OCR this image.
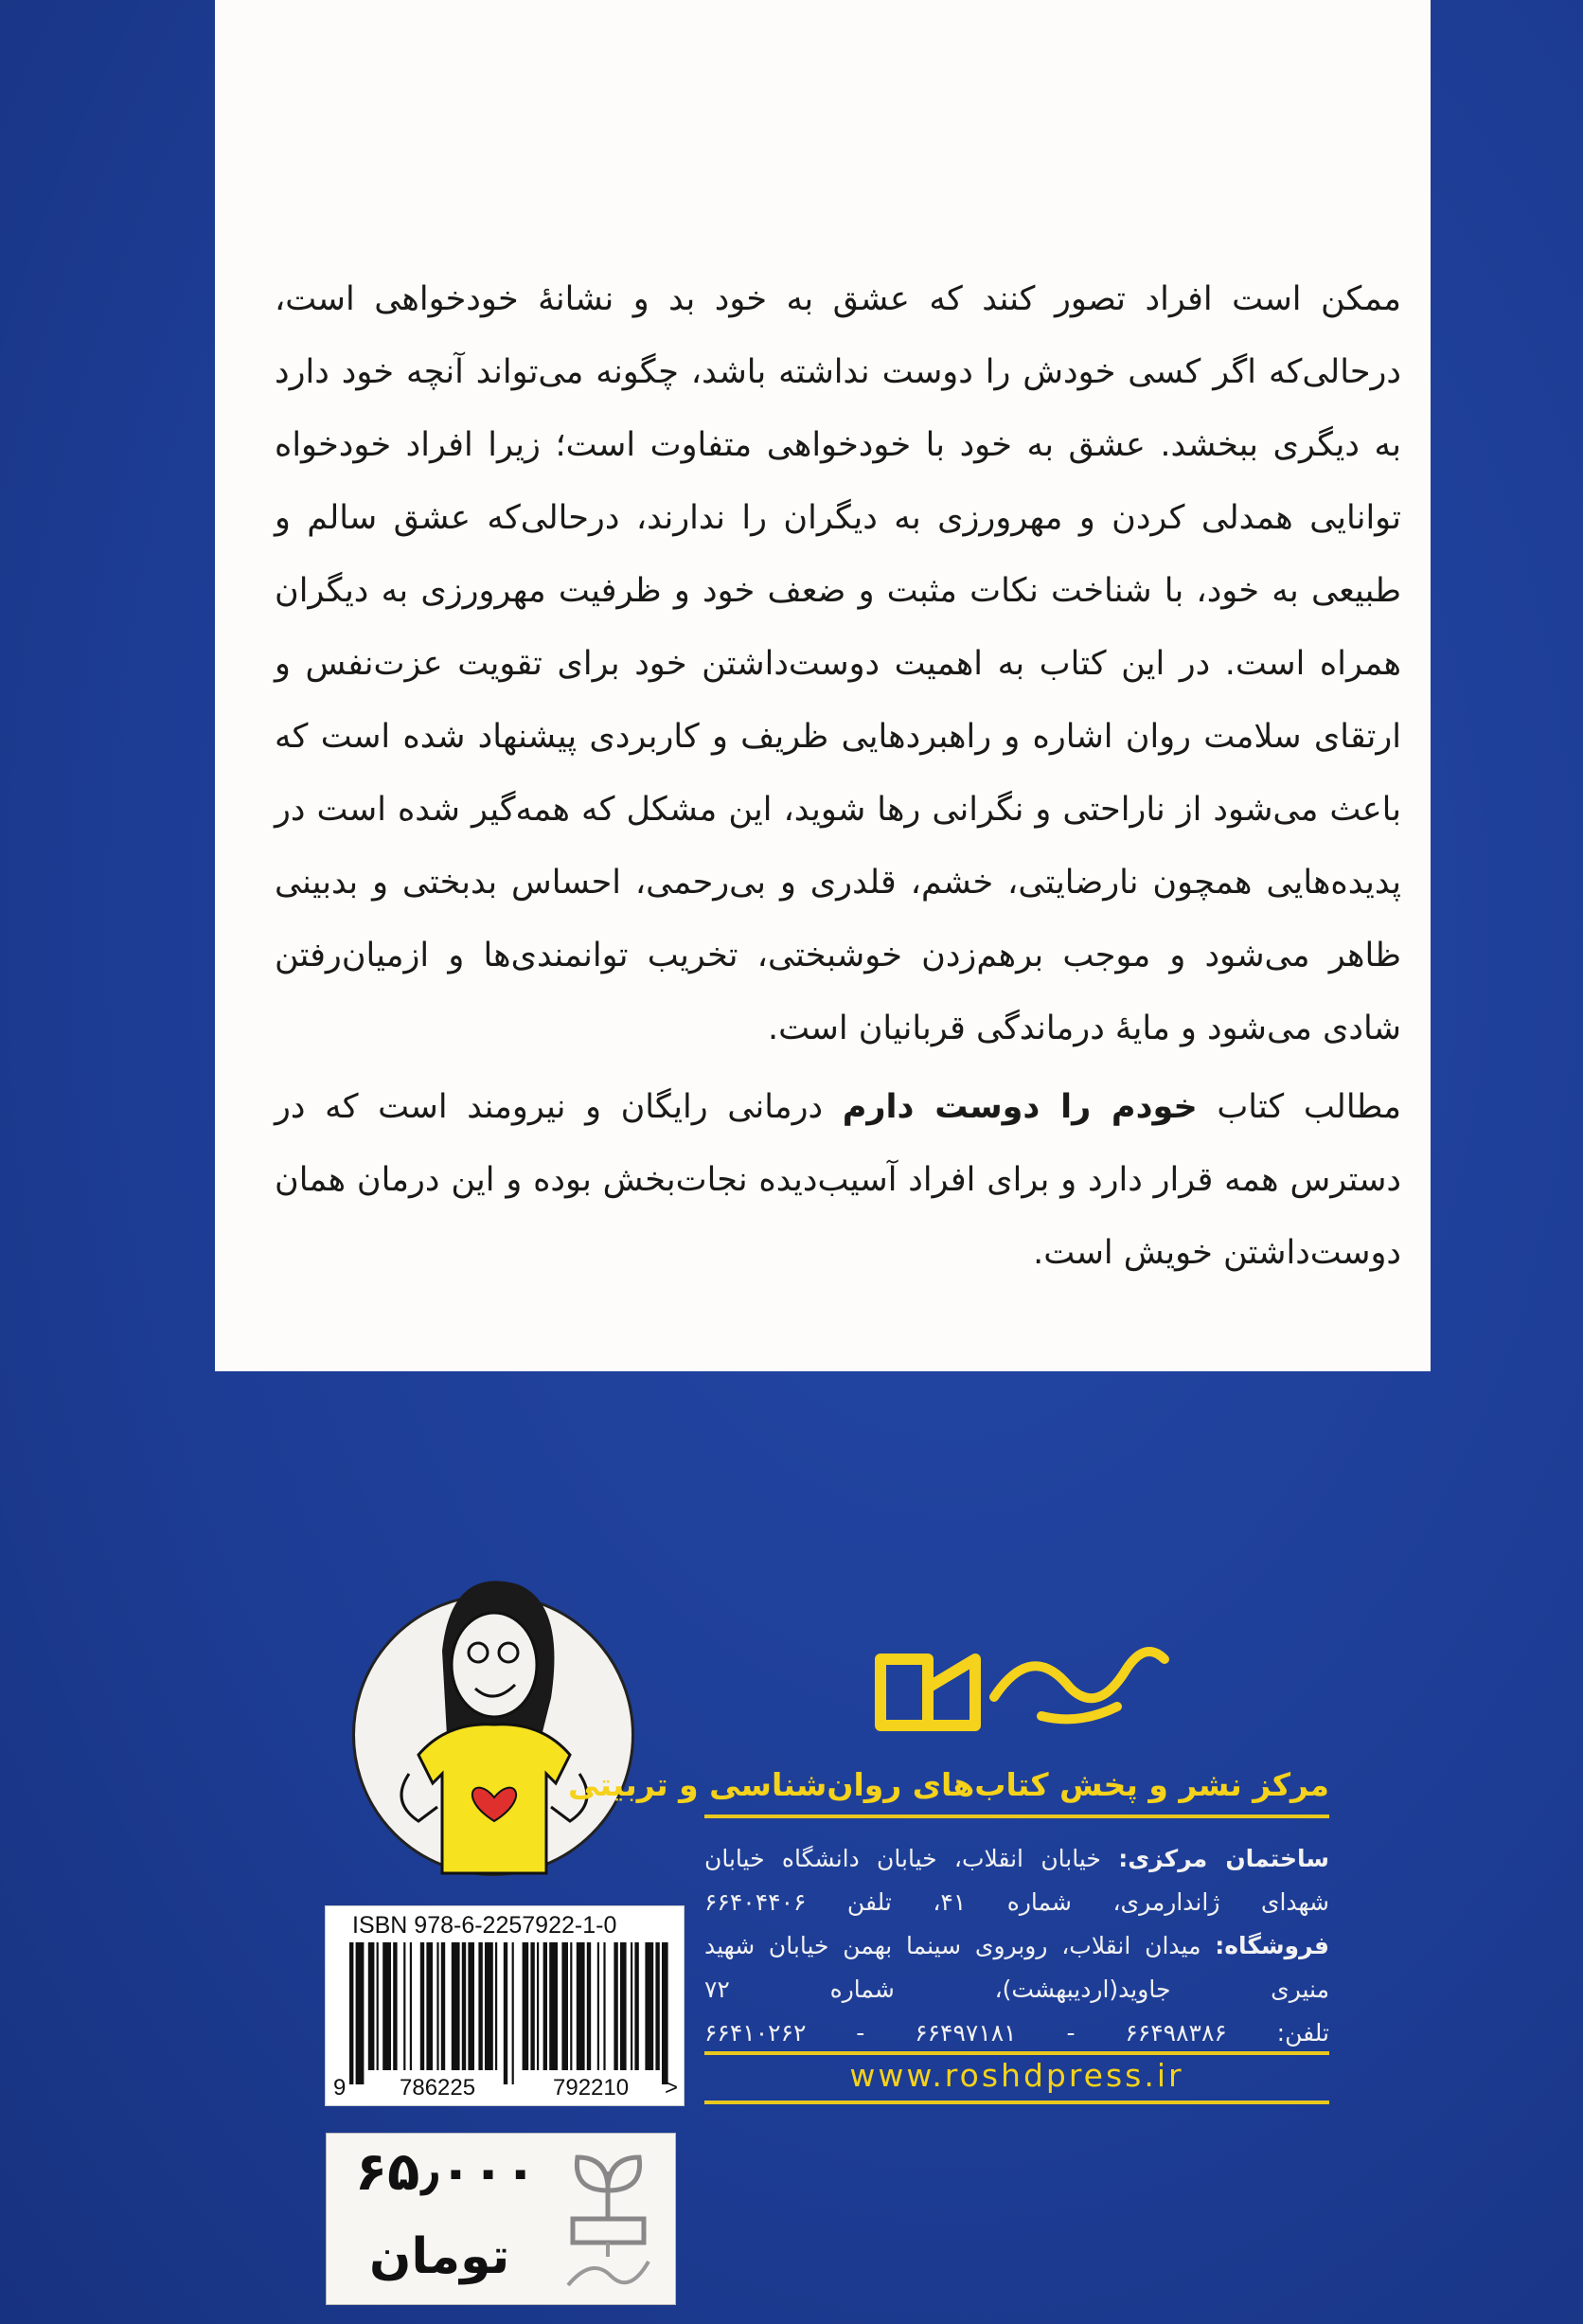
ممکن است افراد تصور کنند که عشق به خود بد و نشانهٔ خودخواهی است، درحالی‌که اگر کسی خودش را دوست نداشته باشد، چگونه می‌تواند آنچه خود دارد به دیگری ببخشد. عشق به خود با خودخواهی متفاوت است؛ زیرا افراد خودخواه توانایی همدلی کردن و مهرورزی به دیگران را ندارند، درحالی‌که عشق سالم و طبیعی به خود، با شناخت نکات مثبت و ضعف خود و ظرفیت مهرورزی به دیگران همراه است. در این کتاب به اهمیت دوست‌داشتن خود برای تقویت عزت‌نفس و ارتقای سلامت روان اشاره و راهبردهایی ظریف و کاربردی پیشنهاد شده است که باعث می‌شود از ناراحتی و نگرانی رها شوید، این مشکل که همه‌گیر شده است در پدیده‌هایی همچون نارضایتی، خشم، قلدری و بی‌رحمی، احساس بدبختی و بدبینی ظاهر می‌شود و موجب برهم‌زدن خوشبختی، تخریب توانمندی‌ها و ازمیان‌رفتن شادی می‌شود و مایهٔ درماندگی قربانیان است.

مطالب کتاب خودم را دوست دارم درمانی رایگان و نیرومند است که در دسترس همه قرار دارد و برای افراد آسیب‌دیده نجات‌بخش بوده و این درمان همان دوست‌داشتن خویش است.

مرکز نشر و پخش کتاب‌های روان‌شناسی و تربیتی
ساختمان مرکزی: خیابان انقلاب، خیابان دانشگاه خیابان شهدای ژاندارمری، شماره ۴۱، تلفن ۶۶۴۰۴۴۰۶
فروشگاه: میدان انقلاب، روبروی سینما بهمن خیابان شهید منیری جاوید(اردیبهشت)، شماره ۷۲
تلفن: ۶۶۴۹۸۳۸۶ - ۶۶۴۹۷۱۸۱ - ۶۶۴۱۰۲۶۲
www.roshdpress.ir
ISBN 978-6-2257922-1-0
9 786225	792210 >
۶۵٫۰۰۰
تومان
